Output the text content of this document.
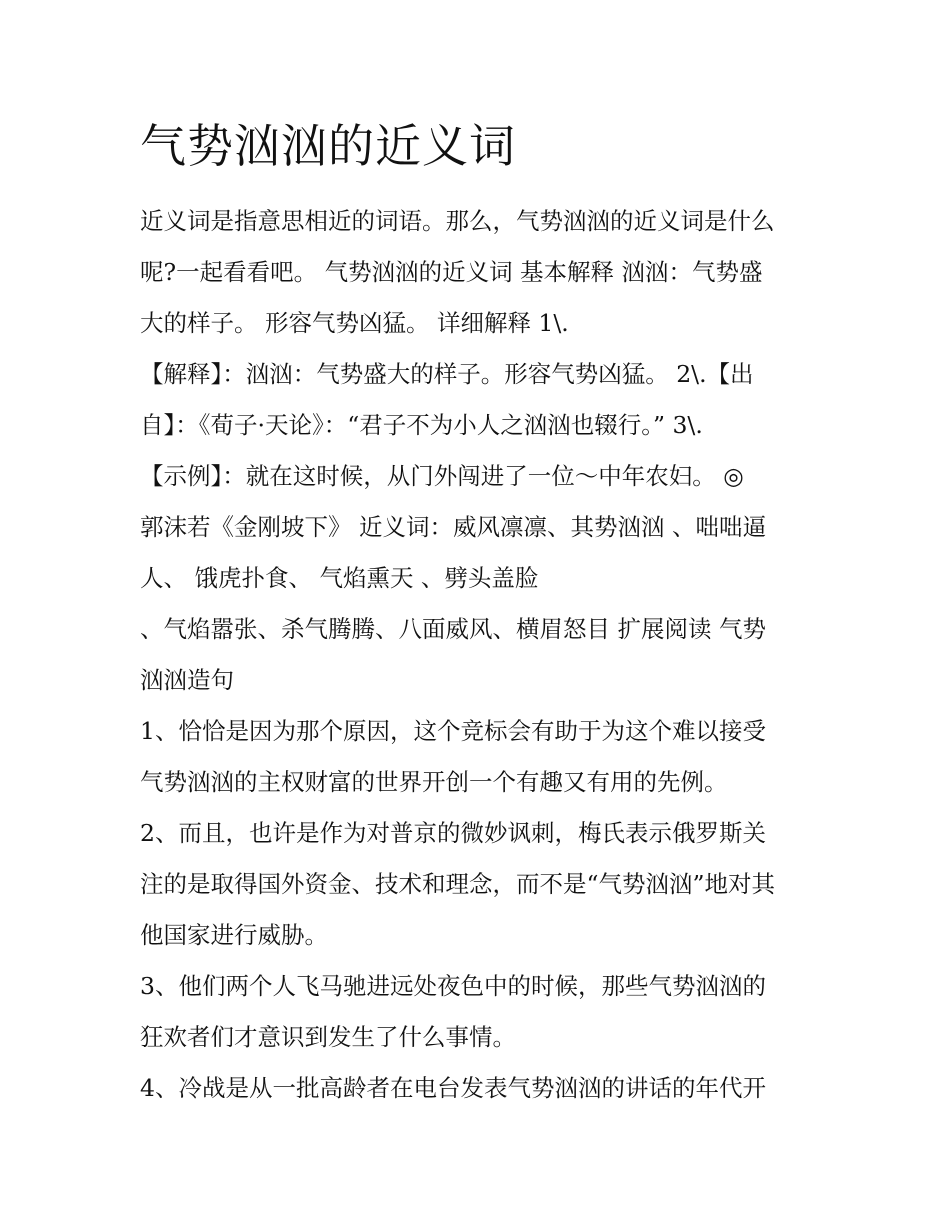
气势汹汹的近义词
近义词是指意思相近的词语。那么，气势汹汹的近义词是什么
呢?一起看看吧。 气势汹汹的近义词 基本解释 汹汹：气势盛
大的样子。 形容气势凶猛。 详细解释 1\.
【解释】：汹汹：气势盛大的样子。形容气势凶猛。 2\.【出
自】：《荀子·天论》：“君子不为小人之汹汹也辍行。” 3\.
【示例】：就在这时候，从门外闯进了一位～中年农妇。 ◎
郭沫若《金刚坡下》 近义词：威风凛凛、其势汹汹 、咄咄逼
人、 饿虎扑食、 气焰熏天 、劈头盖脸
、气焰嚣张、杀气腾腾、八面威风、横眉怒目 扩展阅读 气势
汹汹造句
1、恰恰是因为那个原因，这个竞标会有助于为这个难以接受
气势汹汹的主权财富的世界开创一个有趣又有用的先例。
2、而且，也许是作为对普京的微妙讽刺，梅氏表示俄罗斯关
注的是取得国外资金、技术和理念，而不是“气势汹汹”地对其
他国家进行威胁。
3、他们两个人飞马驰进远处夜色中的时候，那些气势汹汹的
狂欢者们才意识到发生了什么事情。
4、冷战是从一批高龄者在电台发表气势汹汹的讲话的年代开
